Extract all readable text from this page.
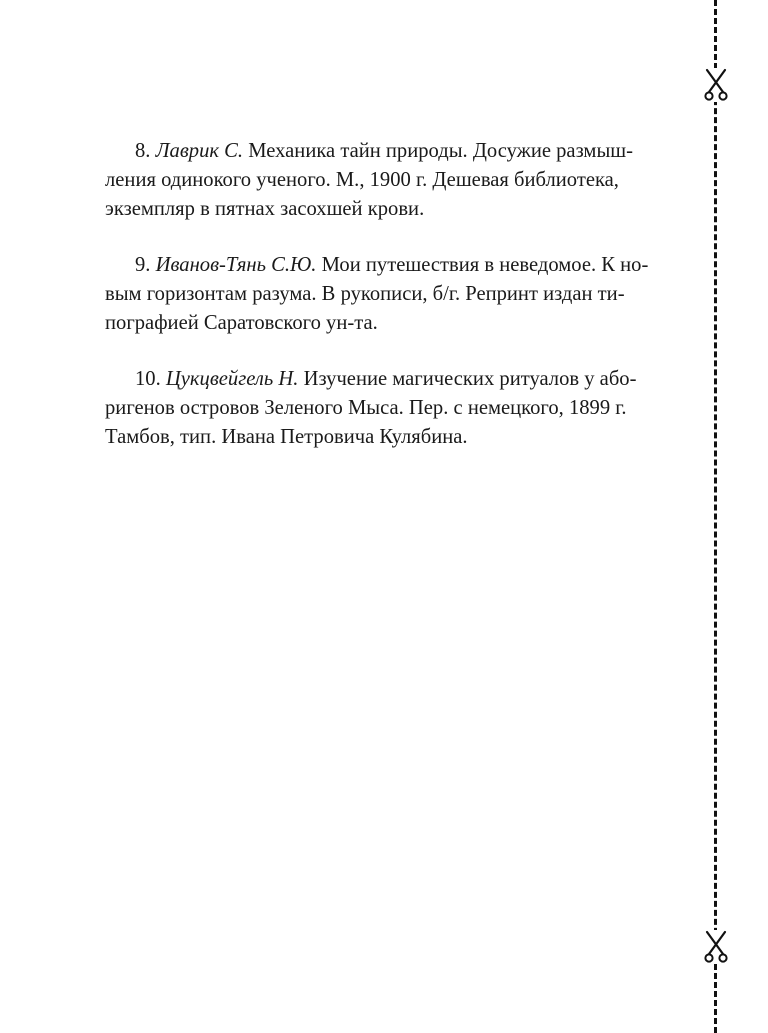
8. Лаврик С. Механика тайн природы. Досужие размыш-
ления одинокого ученого. М., 1900 г. Дешевая библиотека,
экземпляр в пятнах засохшей крови.

9. Иванов-Тянь С.Ю. Мои путешествия в неведомое. К но-
вым горизонтам разума. В рукописи, б/г. Репринт издан ти-
пографией Саратовского ун-та.

10. Цукцвейгель Н. Изучение магических ритуалов у або-
ригенов островов Зеленого Мыса. Пер. с немецкого, 1899 г.
Тамбов, тип. Ивана Петровича Кулябина.
